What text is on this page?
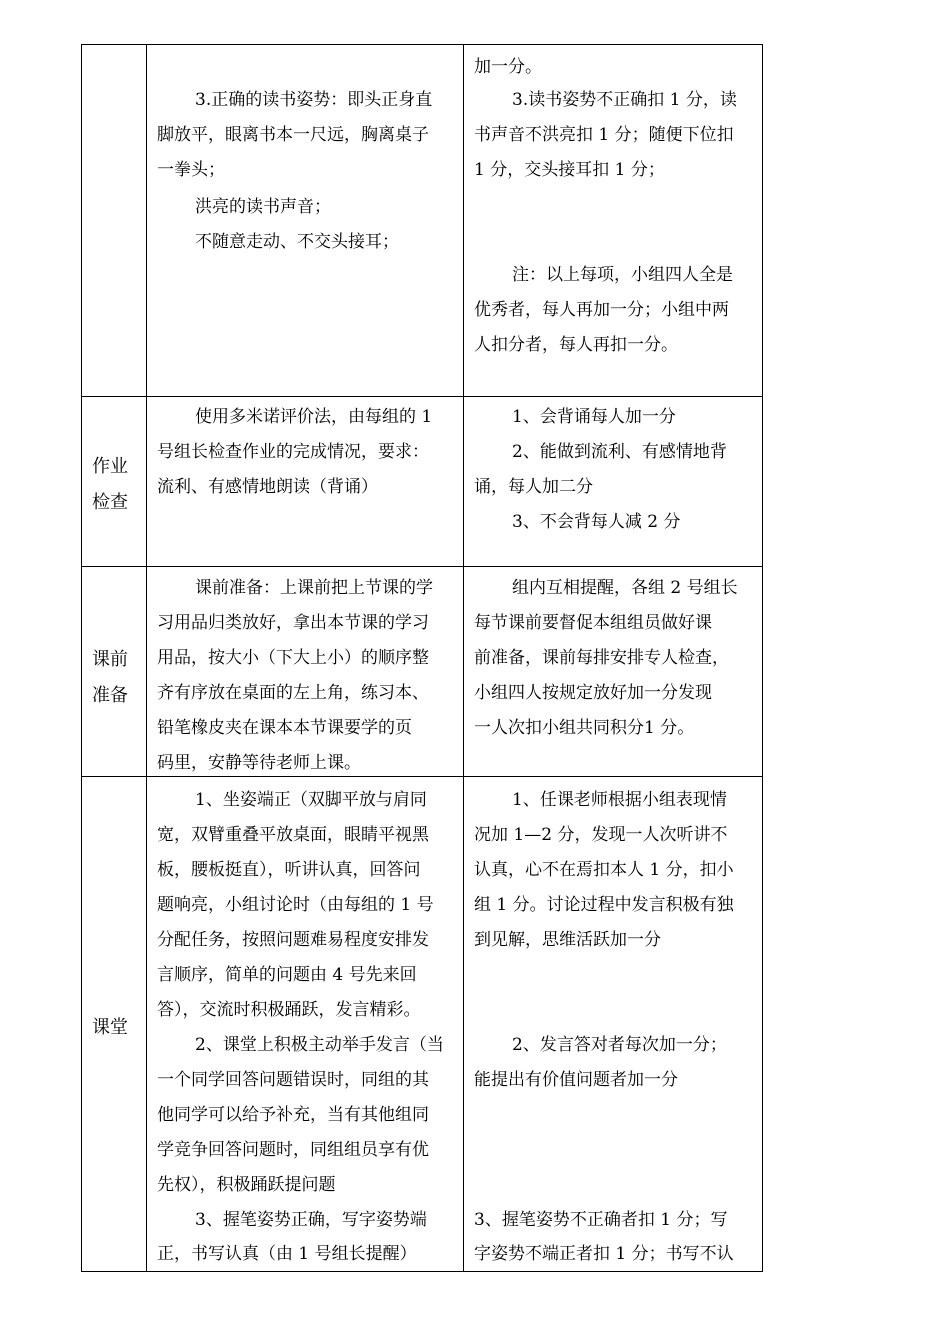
3.正确的读书姿势：即头正身直

脚放平，眼离书本一尺远，胸离桌子

一拳头；

洪亮的读书声音；

不随意走动、不交头接耳；

加一分。

3.读书姿势不正确扣 1 分，读

书声音不洪亮扣 1 分；随便下位扣

1 分，交头接耳扣 1 分；

注：以上每项，小组四人全是

优秀者，每人再加一分；小组中两

人扣分者，每人再扣一分。

作业

检查

使用多米诺评价法，由每组的 1

号组长检查作业的完成情况，要求：

流利、有感情地朗读（背诵）

1、会背诵每人加一分

2、能做到流利、有感情地背

诵，每人加二分

3、不会背每人减 2 分

课前

准备

课前准备：上课前把上节课的学

习用品归类放好，拿出本节课的学习

用品，按大小（下大上小）的顺序整

齐有序放在桌面的左上角，练习本、

铅笔橡皮夹在课本本节课要学的页

码里，安静等待老师上课。

组内互相提醒，各组 2 号组长

每节课前要督促本组组员做好课

前准备，课前每排安排专人检查，

小组四人按规定放好加一分发现

一人次扣小组共同积分1 分。

课堂

1、坐姿端正（双脚平放与肩同

宽，双臂重叠平放桌面，眼睛平视黑

板，腰板挺直），听讲认真，回答问

题响亮，小组讨论时（由每组的 1 号

分配任务，按照问题难易程度安排发

言顺序，简单的问题由 4 号先来回

答），交流时积极踊跃，发言精彩。

2、课堂上积极主动举手发言（当

一个同学回答问题错误时，同组的其

他同学可以给予补充，当有其他组同

学竞争回答问题时，同组组员享有优

先权），积极踊跃提问题

3、握笔姿势正确，写字姿势端

正，书写认真（由 1 号组长提醒）

1、任课老师根据小组表现情

况加 1—2 分，发现一人次听讲不

认真，心不在焉扣本人 1 分，扣小

组 1 分。讨论过程中发言积极有独

到见解，思维活跃加一分

2、发言答对者每次加一分；

能提出有价值问题者加一分

3、握笔姿势不正确者扣 1 分；写

字姿势不端正者扣 1 分；书写不认
